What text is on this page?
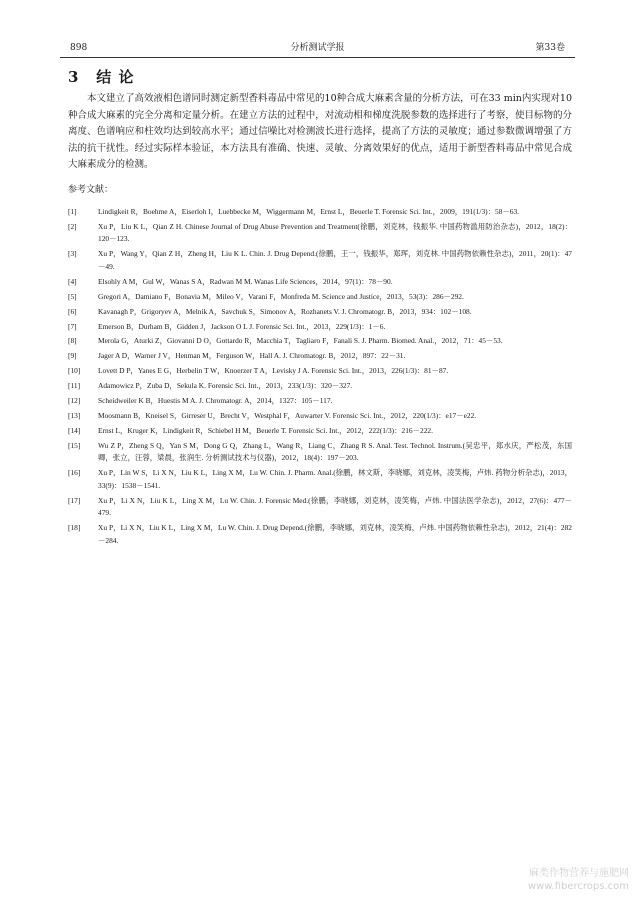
898	分析测试学报	第33卷
3 结 论

本文建立了高效液相色谱同时测定新型香料毒品中常见的10种合成大麻素含量的分析方法，可在33 min内实现对10种合成大麻素的完全分离和定量分析。在建立方法的过程中，对流动相和梯度洗脱参数的选择进行了考察，使目标物的分离度、色谱响应和柱效均达到较高水平；通过信噪比对检测波长进行选择，提高了方法的灵敏度；通过参数微调增强了方法的抗干扰性。经过实际样本验证，本方法具有准确、快速、灵敏、分离效果好的优点，适用于新型香料毒品中常见合成大麻素成分的检测。

参考文献：
[1]	Lindigkeit R，Boehme A，Eiserloh I，Luebbecke M，Wiggermann M，Ernst L，Beuerle T. Forensic Sci. Int.，2009，191(1/3)：58－63.
[2]	Xu P，Liu K L，Qian Z H. Chinese Journal of Drug Abuse Prevention and Treatment(徐鹏，刘克林，钱振华. 中国药物滥用防治杂志)，2012，18(2)：120－123.
[3]	Xu P，Wang Y，Qian Z H，Zheng H，Liu K L. Chin. J. Drug Depend.(徐鹏，王一，钱振华，郑珲，刘克林. 中国药物依赖性杂志)，2011，20(1)：47－49.
[4]	Elsohly A M，Gul W，Wanas S A，Radwan M M. Wanas Life Sciences，2014，97(1)：78－90.
[5]	Gregori A，Damiano F，Bonavia M，Mileo V，Varani F，Monfreda M. Science and Justice，2013，53(3)：286－292.
[6]	Kavanagh P，Grigoryev A，Melnik A，Savchuk S，Simonov A，Rozhanets V. J. Chromatogr. B，2013，934：102－108.
[7]	Emerson B，Durham B，Gidden J，Jackson O L J. Forensic Sci. Int.，2013，229(1/3)：1－6.
[8]	Merola G，Aturki Z，Giovanni D O，Gottardo R，Macchia T，Tagliaro F，Fanali S. J. Pharm. Biomed. Anal.，2012，71：45－53.
[9]	Jager A D，Warner J V，Henman M，Ferguson W，Hall A. J. Chromatogr. B，2012，897：22－31.
[10]	Lovett D P，Yanes E G，Herbelin T W，Knoerzer T A，Levisky J A. Forensic Sci. Int.，2013，226(1/3)：81－87.
[11]	Adamowicz P，Zuba D，Sekula K. Forensic Sci. Int.，2013，233(1/3)：320－327.
[12]	Scheidweiler K B，Huestis M A. J. Chromatogr. A，2014，1327：105－117.
[13]	Moosmann B，Kneisel S，Girreser U，Brecht V，Westphal F，Auwarter V. Forensic Sci. Int.，2012，220(1/3)：e17－e22.
[14]	Ernst L，Kruger K，Lindigkeit R，Schiebel H M，Beuerle T. Forensic Sci. Int.，2012，222(1/3)：216－222.
[15]	Wu Z P，Zheng S Q，Yan S M，Dong G Q，Zhang L，Wang R，Liang C，Zhang R S. Anal. Test. Technol. Instrum.(吴忠平，郑水庆，严松茂，东国卿，张立，汪蓉，梁晨，张润生. 分析测试技术与仪器)，2012，18(4)：197－203.
[16]	Xu P，Lin W S，Li X N，Liu K L，Ling X M，Lu W. Chin. J. Pharm. Anal.(徐鹏，林文斯，李晓娜，刘克林，凌笑梅，卢炜. 药物分析杂志)，2013，33(9)：1538－1541.
[17]	Xu P，Li X N，Liu K L，Ling X M，Lu W. Chin. J. Forensic Med.(徐鹏，李晓娜，刘克林，凌笑梅，卢炜. 中国法医学杂志)，2012，27(6)：477－479.
[18]	Xu P，Li X N，Liu K L，Ling X M，Lu W. Chin. J. Drug Depend.(徐鹏，李晓娜，刘克林，凌笑梅，卢炜. 中国药物依赖性杂志)，2012，21(4)：282－284.
麻类作物营养与施肥网
www.fibercrops.com
